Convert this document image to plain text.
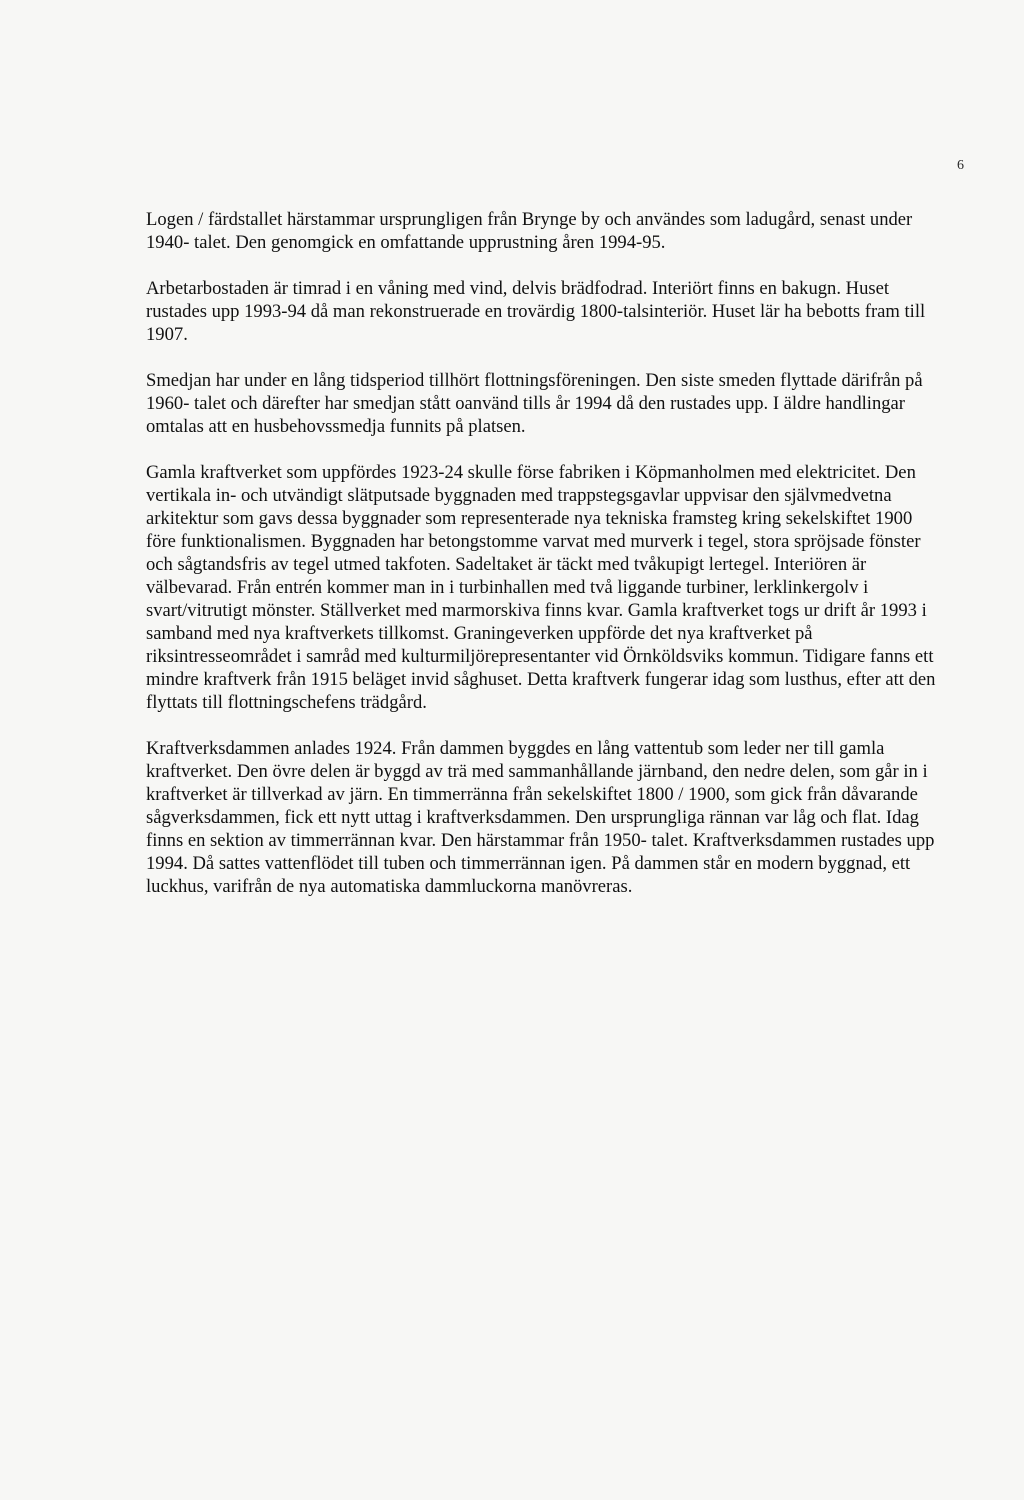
6

Logen / färdstallet härstammar ursprungligen från Brynge by och användes som ladugård, senast under 1940- talet. Den genomgick en omfattande upprustning åren 1994-95.

Arbetarbostaden är timrad i en våning med vind, delvis brädfodrad. Interiört finns en bakugn. Huset rustades upp 1993-94 då man rekonstruerade en trovärdig 1800-talsinteriör. Huset lär ha bebotts fram till 1907.

Smedjan har under en lång tidsperiod tillhört flottningsföreningen. Den siste smeden flyttade därifrån på 1960- talet och därefter har smedjan stått oanvänd tills år 1994 då den rustades upp. I äldre handlingar omtalas att en husbehovssmedja funnits på platsen.

Gamla kraftverket som uppfördes 1923-24 skulle förse fabriken i Köpmanholmen med elektricitet. Den vertikala in- och utvändigt slätputsade byggnaden med trappstegsgavlar uppvisar den självmedvetna arkitektur som gavs dessa byggnader som representerade nya tekniska framsteg kring sekelskiftet 1900 före funktionalismen. Byggnaden har betongstomme varvat med murverk i tegel, stora spröjsade fönster och sågtandsfris av tegel utmed takfoten. Sadeltaket är täckt med tvåkupigt lertegel. Interiören är välbevarad. Från entrén kommer man in i turbinhallen med två liggande turbiner, lerklinkergolv i svart/vitrutigt mönster. Ställverket med marmorskiva finns kvar. Gamla kraftverket togs ur drift år 1993 i samband med nya kraftverkets tillkomst. Graningeverken uppförde det nya kraftverket på riksintresseområdet i samråd med kulturmiljörepresentanter vid Örnköldsviks kommun. Tidigare fanns ett mindre kraftverk från 1915 beläget invid såghuset. Detta kraftverk fungerar idag som lusthus, efter att den flyttats till flottningschefens trädgård.

Kraftverksdammen anlades 1924. Från dammen byggdes en lång vattentub som leder ner till gamla kraftverket. Den övre delen är byggd av trä med sammanhållande järnband, den nedre delen, som går in i kraftverket är tillverkad av järn. En timmerränna från sekelskiftet 1800 / 1900, som gick från dåvarande sågverksdammen, fick ett nytt uttag i kraftverksdammen. Den ursprungliga rännan var låg och flat. Idag finns en sektion av timmerrännan kvar. Den härstammar från 1950- talet. Kraftverksdammen rustades upp 1994. Då sattes vattenflödet till tuben och timmerrännan igen. På dammen står en modern byggnad, ett luckhus, varifrån de nya automatiska dammluckorna manövreras.
